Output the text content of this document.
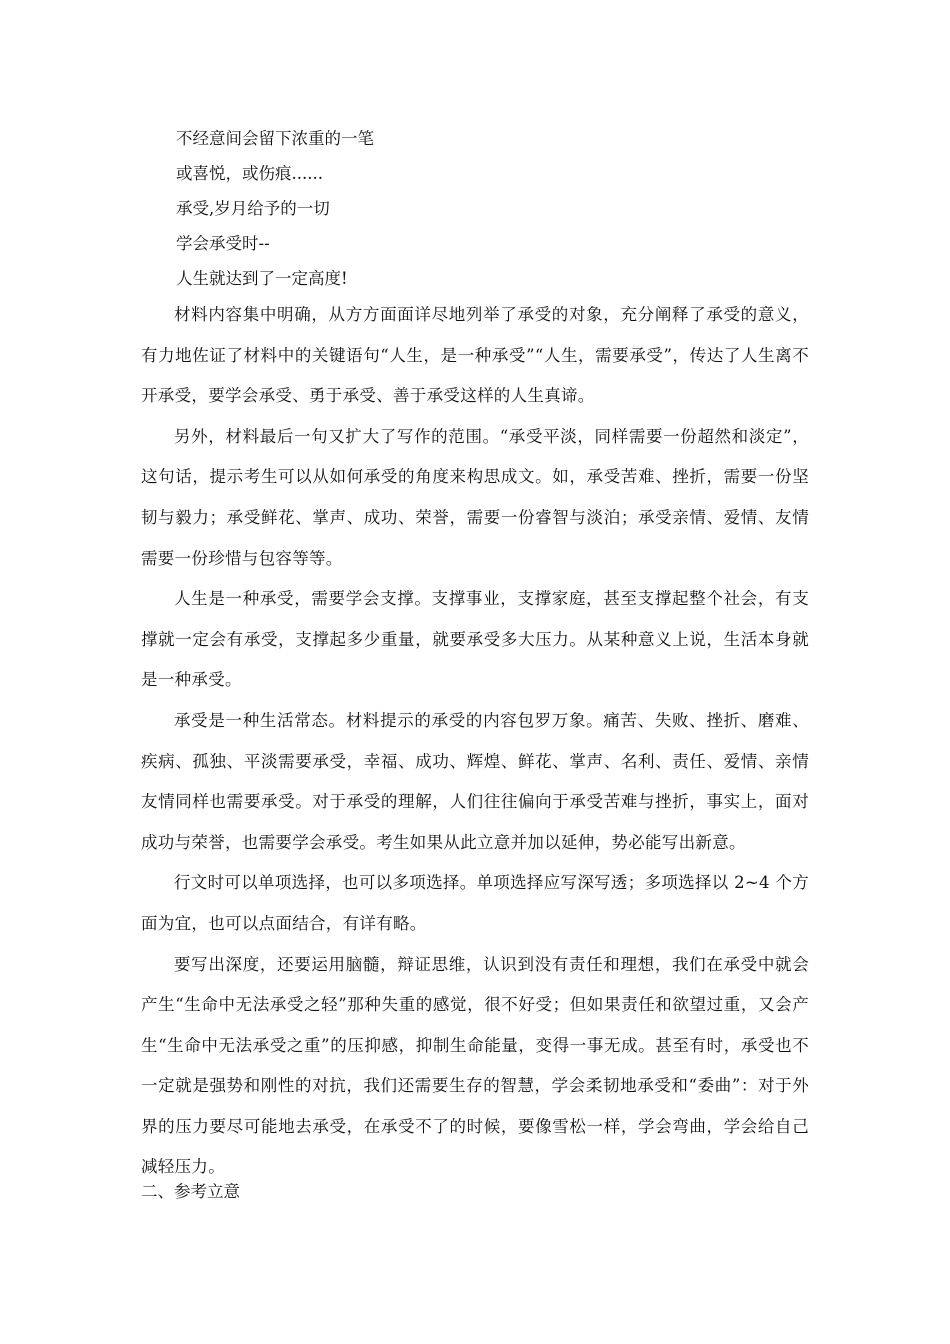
不经意间会留下浓重的一笔
或喜悦，或伤痕......
承受,岁月给予的一切
学会承受时--
人生就达到了一定高度!

材料内容集中明确，从方方面面详尽地列举了承受的对象，充分阐释了承受的意义，有力地佐证了材料中的关键语句“人生，是一种承受”“人生，需要承受”，传达了人生离不开承受，要学会承受、勇于承受、善于承受这样的人生真谛。

另外，材料最后一句又扩大了写作的范围。“承受平淡，同样需要一份超然和淡定”，这句话，提示考生可以从如何承受的角度来构思成文。如，承受苦难、挫折，需要一份坚韧与毅力；承受鲜花、掌声、成功、荣誉，需要一份睿智与淡泊；承受亲情、爱情、友情需要一份珍惜与包容等等。

人生是一种承受，需要学会支撑。支撑事业，支撑家庭，甚至支撑起整个社会，有支撑就一定会有承受，支撑起多少重量，就要承受多大压力。从某种意义上说，生活本身就是一种承受。

承受是一种生活常态。材料提示的承受的内容包罗万象。痛苦、失败、挫折、磨难、疾病、孤独、平淡需要承受，幸福、成功、辉煌、鲜花、掌声、名利、责任、爱情、亲情友情同样也需要承受。对于承受的理解，人们往往偏向于承受苦难与挫折，事实上，面对成功与荣誉，也需要学会承受。考生如果从此立意并加以延伸，势必能写出新意。

行文时可以单项选择，也可以多项选择。单项选择应写深写透；多项选择以 2~4 个方面为宜，也可以点面结合，有详有略。

要写出深度，还要运用脑髓，辩证思维，认识到没有责任和理想，我们在承受中就会产生“生命中无法承受之轻”那种失重的感觉，很不好受；但如果责任和欲望过重，又会产生“生命中无法承受之重”的压抑感，抑制生命能量，变得一事无成。甚至有时，承受也不一定就是强势和刚性的对抗，我们还需要生存的智慧，学会柔韧地承受和“委曲”：对于外界的压力要尽可能地去承受，在承受不了的时候，要像雪松一样，学会弯曲，学会给自己减轻压力。

二、参考立意
